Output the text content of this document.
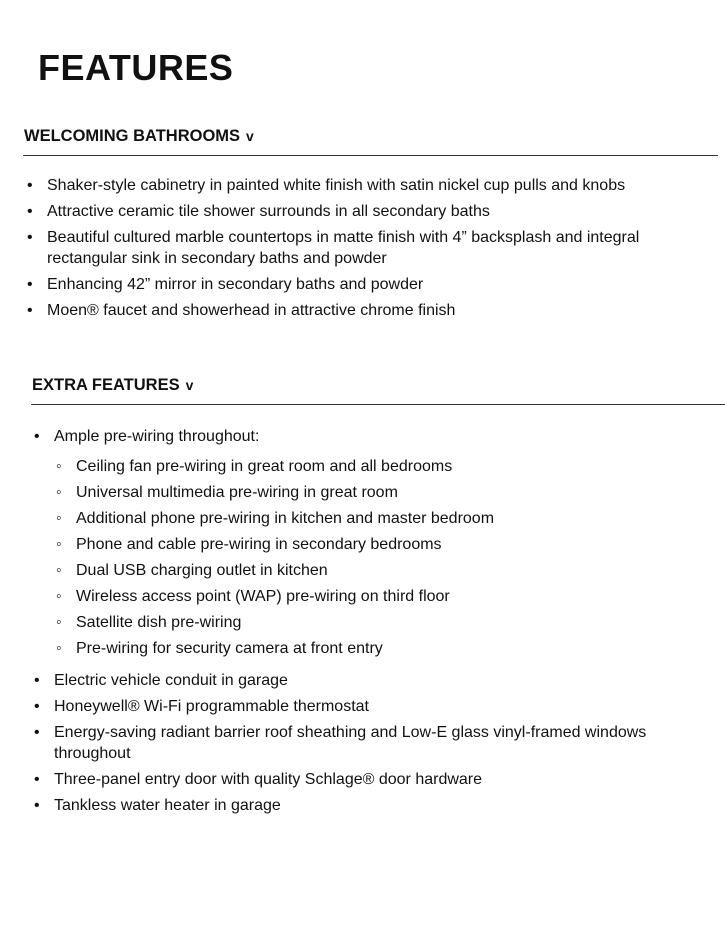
FEATURES
WELCOMING BATHROOMS v
• Shaker-style cabinetry in painted white finish with satin nickel cup pulls and knobs
• Attractive ceramic tile shower surrounds in all secondary baths
• Beautiful cultured marble countertops in matte finish with 4” backsplash and integral rectangular sink in secondary baths and powder
• Enhancing 42” mirror in secondary baths and powder
• Moen® faucet and showerhead in attractive chrome finish
EXTRA FEATURES v
• Ample pre-wiring throughout:
◦ Ceiling fan pre-wiring in great room and all bedrooms
◦ Universal multimedia pre-wiring in great room
◦ Additional phone pre-wiring in kitchen and master bedroom
◦ Phone and cable pre-wiring in secondary bedrooms
◦ Dual USB charging outlet in kitchen
◦ Wireless access point (WAP) pre-wiring on third floor
◦ Satellite dish pre-wiring
◦ Pre-wiring for security camera at front entry
• Electric vehicle conduit in garage
• Honeywell® Wi-Fi programmable thermostat
• Energy-saving radiant barrier roof sheathing and Low-E glass vinyl-framed windows throughout
• Three-panel entry door with quality Schlage® door hardware
• Tankless water heater in garage
